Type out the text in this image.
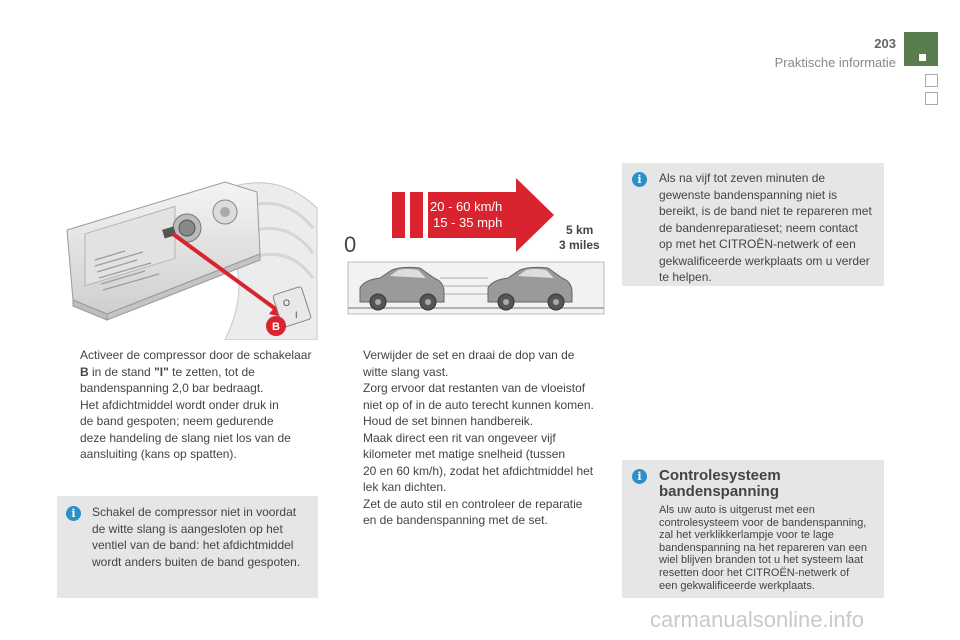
203
Praktische informatie
O
I
B
20 - 60 km/h
15 - 35 mph
0
5 km
3 miles

Activeer de compressor door de schakelaar

B in de stand "I" te zetten, tot de

bandenspanning 2,0 bar bedraagt.

Het afdichtmiddel wordt onder druk in

de band gespoten; neem gedurende

deze handeling de slang niet los van de

aansluiting (kans op spatten).

i	Schakel de compressor niet in voordat

de witte slang is aangesloten op het

ventiel van de band: het afdichtmiddel

wordt anders buiten de band gespoten.

Verwijder de set en draai de dop van de

witte slang vast.

Zorg ervoor dat restanten van de vloeistof

niet op of in de auto terecht kunnen komen.

Houd de set binnen handbereik.

Maak direct een rit van ongeveer vijf

kilometer met matige snelheid (tussen

20 en 60 km/h), zodat het afdichtmiddel het

lek kan dichten.

Zet de auto stil en controleer de reparatie

en de bandenspanning met de set.

i	Als na vijf tot zeven minuten de

gewenste bandenspanning niet is

bereikt, is de band niet te repareren met

de bandenreparatieset; neem contact

op met het CITROËN-netwerk of een

gekwalificeerde werkplaats om u verder

te helpen.

i	Controlesysteem

bandenspanning

Als uw auto is uitgerust met een

controlesysteem voor de bandenspanning,

zal het verklikkerlampje voor te lage

bandenspanning na het repareren van een

wiel blijven branden tot u het systeem laat

resetten door het CITROËN-netwerk of

een gekwalificeerde werkplaats.

carmanualsonline.info
